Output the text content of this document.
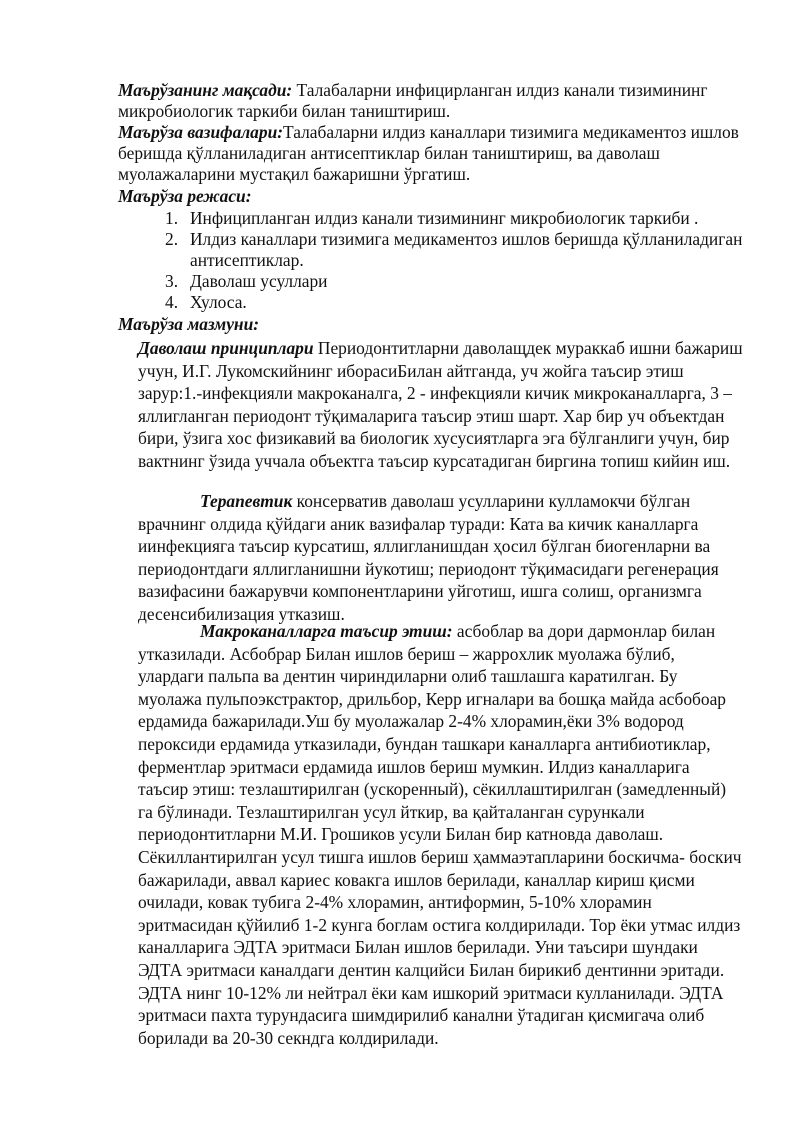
Маърўзанинг мақсади: Талабаларни инфицирланган илдиз канали тизимининг микробиологик таркиби билан таништириш.

Маърўза вазифалари:Талабаларни илдиз каналлари тизимига медикаментоз ишлов беришда қўлланиладиган антисептиклар билан таништириш, ва даволаш муолажаларини мустақил бажаришни ўргатиш.

Маърўза режаси:

1. Инфиципланган илдиз канали тизимининг микробиологик таркиби .
2. Илдиз каналлари тизимига медикаментоз ишлов беришда қўлланиладиган антисептиклар.
3. Даволаш усуллари
4. Хулоса.

Маърўза мазмуни:

Даволаш принциплари Периодонтитларни даволащдек мураккаб ишни бажариш учун, И.Г. Лукомскийнинг иборасиБилан айтганда, уч жойга таъсир этиш зарур:1.-инфекцияли макроканалга, 2 - инфекцияли кичик микроканалларга, 3 – яллигланган периодонт тўқималарига таъсир этиш шарт. Хар бир уч объектдан бири, ўзига хос физикавий ва биологик хусусиятларга эга бўлганлиги учун, бир вактнинг ўзида уччала объектга таъсир курсатадиган биргина топиш кийин иш.

Терапевтик консерватив даволаш усулларини кулламокчи бўлган врачнинг олдида қўйдаги аник вазифалар туради: Ката ва кичик каналларга иинфекцияга таъсир курсатиш, яллигланишдан ҳосил бўлган биогенларни ва периодонтдаги яллигланишни йукотиш; периодонт тўқимасидаги регенерация вазифасини бажарувчи компонентларини уйготиш, ишга солиш, организмга десенсибилизация утказиш.

Макроканалларга таъсир этиш: асбоблар ва дори дармонлар билан утказилади. Асбобрар Билан ишлов бериш – жарроxлик муолажа бўлиб, улардаги пальпа ва дентин чириндиларни олиб ташлашга каратилган. Бу муолажа пульпоэкстрактор, дрильбор, Керр игналари ва бошқа майда асбобоар ердамида бажарилади.Уш бу муолажалар 2-4% хлорамин,ёки 3% водород пероксиди ердамида утказилади, бундан ташкари каналларга антибиотиклар, ферментлар эритмаси ердамида ишлов бериш мумкин. Илдиз каналларига таъсир этиш: тезлаштирилган (ускоренный), сёкиллаштирилган (замедленный) га бўлинади. Тезлаштирилган усул йткир, ва қайталанган сурункали периодонтитларни М.И. Грошиков усули Билан бир катновда даволаш. Сёкиллантирилган усул тишга ишлов бериш ҳаммаэтапларини боскичма- боскич бажарилади, аввал кариес ковакга ишлов берилади, каналлар кириш қисми очилади, ковак тубига 2-4% хлорамин, антиформин, 5-10% хлорамин эритмасидан қўйилиб 1-2 кунга боглам остига колдирилади. Тор ёки утмас илдиз каналларига ЭДТА эритмаси Билан ишлов берилади. Уни таъсири шундаки ЭДТА эритмаси каналдаги дентин калцийси Билан бирикиб дентинни эритади. ЭДТА нинг 10-12% ли нейтрал ёки кам ишкорий эритмаси кулланилади. ЭДТА эритмаси пахта турундасига шимдирилиб канални ўтадиган қисмигача олиб борилади ва 20-30 секндга колдирилади.
